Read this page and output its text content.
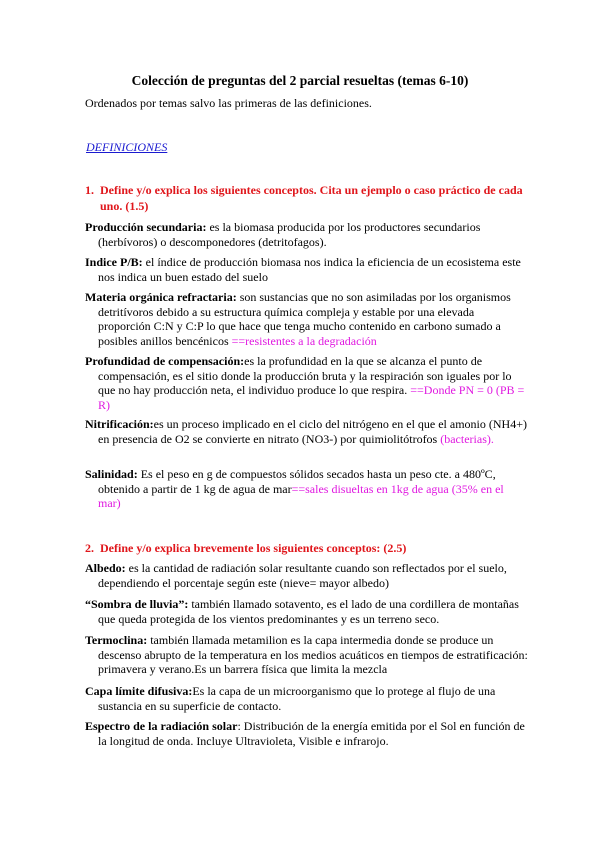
Colección de preguntas del 2 parcial resueltas (temas 6-10)
Ordenados por temas salvo las primeras de las definiciones.
DEFINICIONES
1. Define y/o explica los siguientes conceptos. Cita un ejemplo o caso práctico de cada uno. (1.5)
Producción secundaria: es la biomasa producida por los productores secundarios (herbívoros) o descomponedores (detritofagos).
Indice P/B: el índice de producción biomasa nos indica la eficiencia de un ecosistema este nos indica un buen estado del suelo
Materia orgánica refractaria: son sustancias que no son asimiladas por los organismos detritívoros debido a su estructura química compleja y estable por una elevada proporción C:N y C:P lo que hace que tenga mucho contenido en carbono sumado a posibles anillos bencénicos ==resistentes a la degradación
Profundidad de compensación:es la profundidad en la que se alcanza el punto de compensación, es el sitio donde la producción bruta y la respiración son iguales por lo que no hay producción neta, el individuo produce lo que respira. ==Donde PN = 0 (PB = R)
Nitrificación:es un proceso implicado en el ciclo del nitrógeno en el que el amonio (NH4+) en presencia de O2 se convierte en nitrato (NO3-) por quimiolitótrofos (bacterias).
Salinidad: Es el peso en g de compuestos sólidos secados hasta un peso cte. a 480ºC, obtenido a partir de 1 kg de agua de mar==sales disueltas en 1kg de agua (35% en el mar)
2. Define y/o explica brevemente los siguientes conceptos: (2.5)
Albedo: es la cantidad de radiación solar resultante cuando son reflectados por el suelo, dependiendo el porcentaje según este (nieve= mayor albedo)
“Sombra de lluvia”: también llamado sotavento, es el lado de una cordillera de montañas que queda protegida de los vientos predominantes y es un terreno seco.
Termoclina: también llamada metamilion es la capa intermedia donde se produce un descenso abrupto de la temperatura en los medios acuáticos en tiempos de estratificación: primavera y verano.Es un barrera física que limita la mezcla
Capa límite difusiva:Es la capa de un microorganismo que lo protege al flujo de una sustancia en su superficie de contacto.
Espectro de la radiación solar: Distribución de la energía emitida por el Sol en función de la longitud de onda. Incluye Ultravioleta, Visible e infrarojo.
